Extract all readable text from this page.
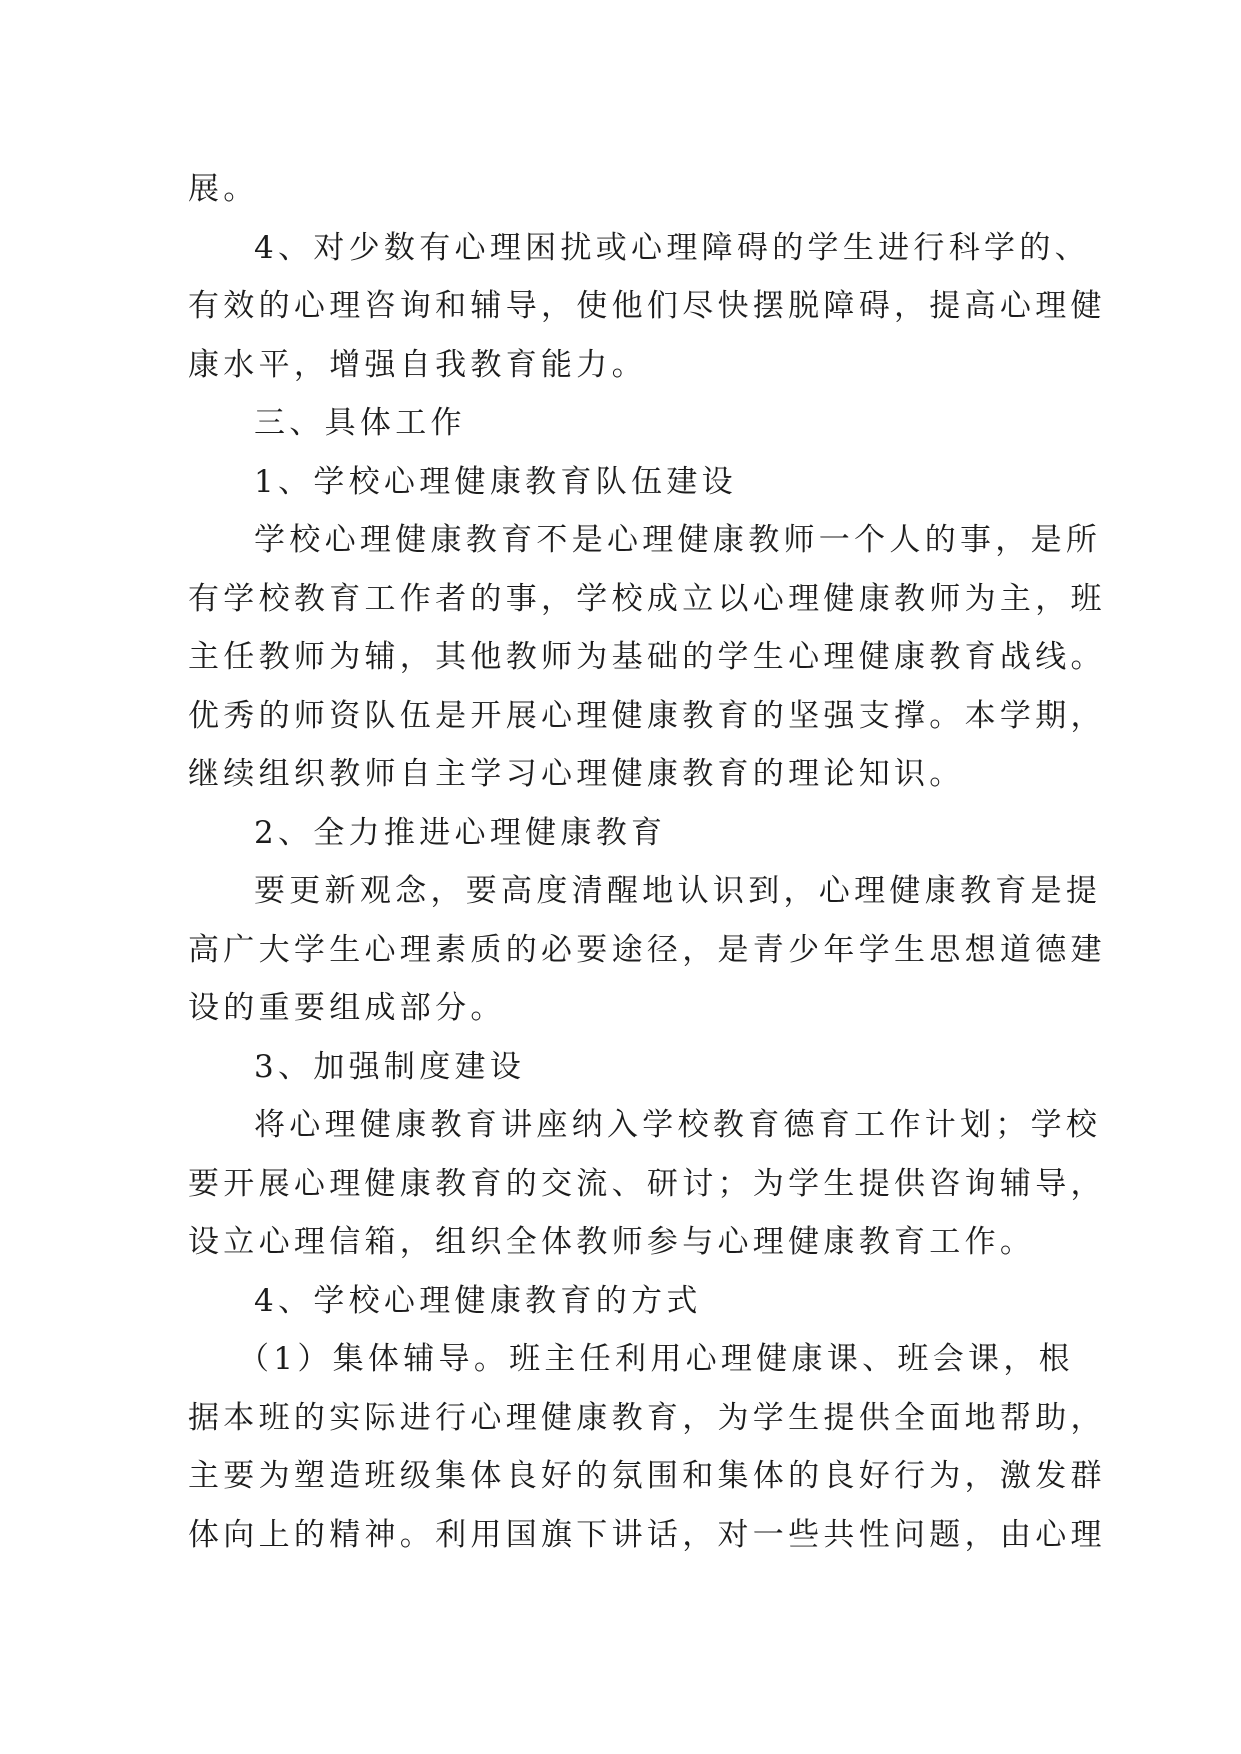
展。
4、对少数有心理困扰或心理障碍的学生进行科学的、
有效的心理咨询和辅导，使他们尽快摆脱障碍，提高心理健
康水平，增强自我教育能力。
三、具体工作
1、学校心理健康教育队伍建设
学校心理健康教育不是心理健康教师一个人的事，是所
有学校教育工作者的事，学校成立以心理健康教师为主，班
主任教师为辅，其他教师为基础的学生心理健康教育战线。
优秀的师资队伍是开展心理健康教育的坚强支撑。本学期，
继续组织教师自主学习心理健康教育的理论知识。
2、全力推进心理健康教育
要更新观念，要高度清醒地认识到，心理健康教育是提
高广大学生心理素质的必要途径，是青少年学生思想道德建
设的重要组成部分。
3、加强制度建设
将心理健康教育讲座纳入学校教育德育工作计划；学校
要开展心理健康教育的交流、研讨；为学生提供咨询辅导，
设立心理信箱，组织全体教师参与心理健康教育工作。
4、学校心理健康教育的方式
（1）集体辅导。班主任利用心理健康课、班会课，根
据本班的实际进行心理健康教育，为学生提供全面地帮助，
主要为塑造班级集体良好的氛围和集体的良好行为，激发群
体向上的精神。利用国旗下讲话，对一些共性问题，由心理
